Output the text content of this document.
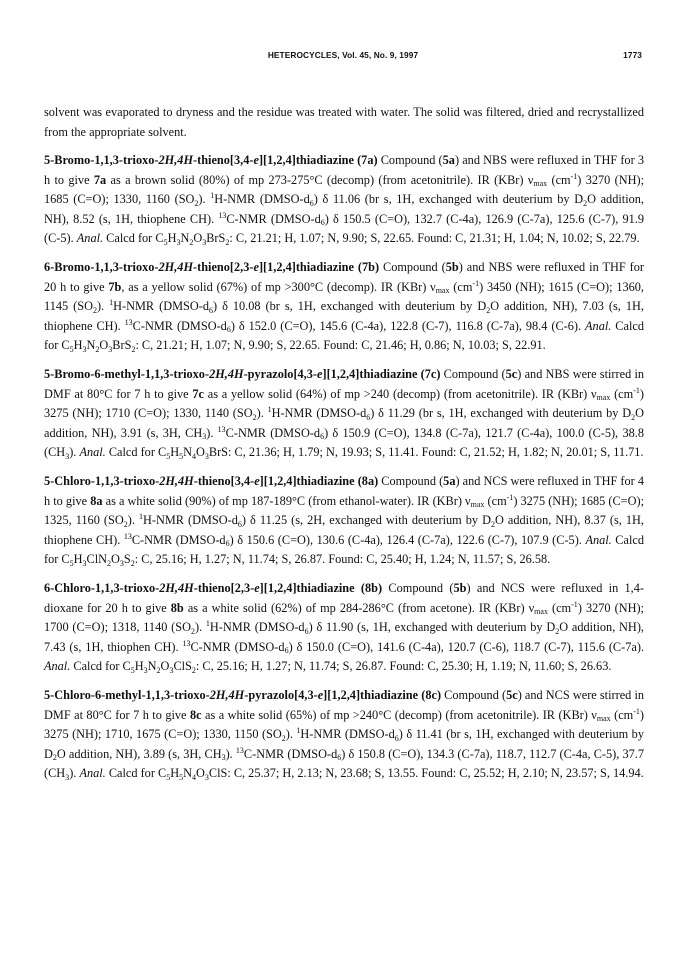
HETEROCYCLES, Vol. 45, No. 9, 1997	1773

solvent was evaporated to dryness and the residue was treated with water. The solid was filtered, dried and recrystallized from the appropriate solvent.

5-Bromo-1,1,3-trioxo-2H,4H-thieno[3,4-e][1,2,4]thiadiazine (7a) Compound (5a) and NBS were refluxed in THF for 3 h to give 7a as a brown solid (80%) of mp 273-275°C (decomp) (from acetonitrile). IR (KBr) $\nu_{max}$ $(cm^{-1})$ 3270 (NH); 1685 (C=O); 1330, 1160 $(SO_2)$. $^1$H-NMR $(DMSO-d_6)$ δ 11.06 (br s, 1H, exchanged with deuterium by $D_2O$ addition, NH), 8.52 (s, 1H, thiophene CH). $^{13}$C-NMR $(DMSO-d_6)$ δ 150.5 (C=O), 132.7 (C-4a), 126.9 (C-7a), 125.6 (C-7), 91.9 (C-5). Anal. Calcd for $C_5H_3N_2O_3BrS_2$: C, 21.21; H, 1.07; N, 9.90; S, 22.65. Found: C, 21.31; H, 1.04; N, 10.02; S, 22.79.

6-Bromo-1,1,3-trioxo-2H,4H-thieno[2,3-e][1,2,4]thiadiazine (7b) Compound (5b) and NBS were refluxed in THF for 20 h to give 7b, as a yellow solid (67%) of mp >300°C (decomp). IR (KBr) $\nu_{max}$ $(cm^{-1})$ 3450 (NH); 1615 (C=O); 1360, 1145 $(SO_2)$. $^1$H-NMR $(DMSO-d_6)$ δ 10.08 (br s, 1H, exchanged with deuterium by $D_2O$ addition, NH), 7.03 (s, 1H, thiophene CH). $^{13}$C-NMR $(DMSO-d_6)$ δ 152.0 (C=O), 145.6 (C-4a), 122.8 (C-7), 116.8 (C-7a), 98.4 (C-6). Anal. Calcd for $C_5H_3N_2O_3BrS_2$: C, 21.21; H, 1.07; N, 9.90; S, 22.65. Found: C, 21.46; H, 0.86; N, 10.03; S, 22.91.

5-Bromo-6-methyl-1,1,3-trioxo-2H,4H-pyrazolo[4,3-e][1,2,4]thiadiazine (7c) Compound (5c) and NBS were stirred in DMF at 80°C for 7 h to give 7c as a yellow solid (64%) of mp >240 (decomp) (from acetonitrile). IR (KBr) $\nu_{max}$ $(cm^{-1})$ 3275 (NH); 1710 (C=O); 1330, 1140 $(SO_2)$. $^1$H-NMR $(DMSO-d_6)$ δ 11.29 (br s, 1H, exchanged with deuterium by $D_2O$ addition, NH), 3.91 (s, 3H, $CH_3$). $^{13}$C-NMR $(DMSO-d_6)$ δ 150.9 (C=O), 134.8 (C-7a), 121.7 (C-4a), 100.0 (C-5), 38.8 $(CH_3)$. Anal. Calcd for $C_5H_5N_4O_3BrS$: C, 21.36; H, 1.79; N, 19.93; S, 11.41. Found: C, 21.52; H, 1.82; N, 20.01; S, 11.71.

5-Chloro-1,1,3-trioxo-2H,4H-thieno[3,4-e][1,2,4]thiadiazine (8a) Compound (5a) and NCS were refluxed in THF for 4 h to give 8a as a white solid (90%) of mp 187-189°C (from ethanol-water). IR (KBr) $\nu_{max}$ $(cm^{-1})$ 3275 (NH); 1685 (C=O); 1325, 1160 $(SO_2)$. $^1$H-NMR $(DMSO-d_6)$ δ 11.25 (s, 2H, exchanged with deuterium by $D_2O$ addition, NH), 8.37 (s, 1H, thiophene CH). $^{13}$C-NMR $(DMSO-d_6)$ δ 150.6 (C=O), 130.6 (C-4a), 126.4 (C-7a), 122.6 (C-7), 107.9 (C-5). Anal. Calcd for $C_5H_3ClN_2O_3S_2$: C, 25.16; H, 1.27; N, 11.74; S, 26.87. Found: C, 25.40; H, 1.24; N, 11.57; S, 26.58.

6-Chloro-1,1,3-trioxo-2H,4H-thieno[2,3-e][1,2,4]thiadiazine (8b) Compound (5b) and NCS were refluxed in 1,4-dioxane for 20 h to give 8b as a white solid (62%) of mp 284-286°C (from acetone). IR (KBr) $\nu_{max}$ $(cm^{-1})$ 3270 (NH); 1700 (C=O); 1318, 1140 $(SO_2)$. $^1$H-NMR $(DMSO-d_6)$ δ 11.90 (s, 1H, exchanged with deuterium by $D_2O$ addition, NH), 7.43 (s, 1H, thiophen CH). $^{13}$C-NMR $(DMSO-d_6)$ δ 150.0 (C=O), 141.6 (C-4a), 120.7 (C-6), 118.7 (C-7), 115.6 (C-7a). Anal. Calcd for $C_5H_3N_2O_3ClS_2$: C, 25.16; H, 1.27; N, 11.74; S, 26.87. Found: C, 25.30; H, 1.19; N, 11.60; S, 26.63.

5-Chloro-6-methyl-1,1,3-trioxo-2H,4H-pyrazolo[4,3-e][1,2,4]thiadiazine (8c) Compound (5c) and NCS were stirred in DMF at 80°C for 7 h to give 8c as a white solid (65%) of mp >240°C (decomp) (from acetonitrile). IR (KBr) $\nu_{max}$ $(cm^{-1})$ 3275 (NH); 1710, 1675 (C=O); 1330, 1150 $(SO_2)$. $^1$H-NMR $(DMSO-d_6)$ δ 11.41 (br s, 1H, exchanged with deuterium by $D_2O$ addition, NH), 3.89 (s, 3H, $CH_3$). $^{13}$C-NMR $(DMSO-d_6)$ δ 150.8 (C=O), 134.3 (C-7a), 118.7, 112.7 (C-4a, C-5), 37.7 $(CH_3)$. Anal. Calcd for $C_5H_5N_4O_3ClS$: C, 25.37; H, 2.13; N, 23.68; S, 13.55. Found: C, 25.52; H, 2.10; N, 23.57; S, 14.94.
